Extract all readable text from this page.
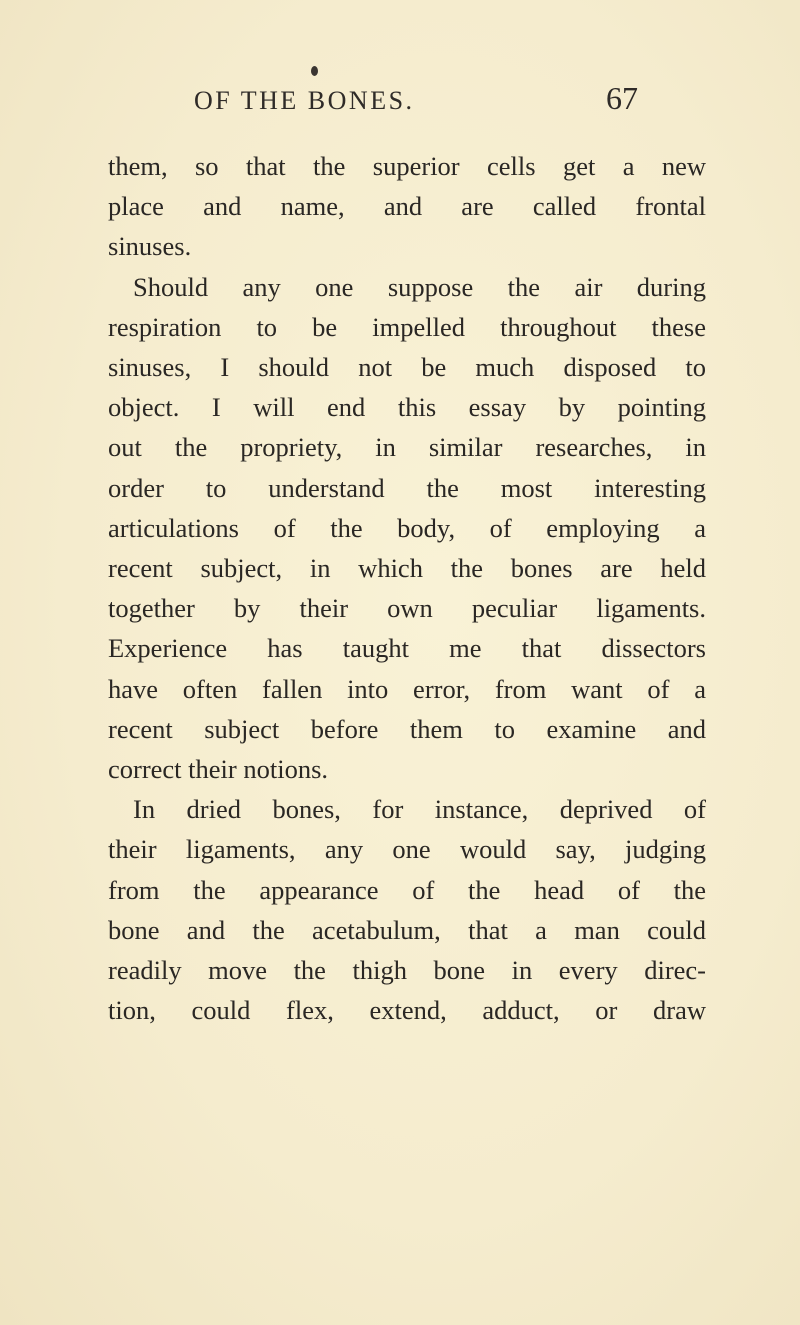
OF THE BONES.	67

them, so that the superior cells get a new
place and name, and are called frontal
sinuses.

Should any one suppose the air during
respiration to be impelled throughout these
sinuses, I should not be much disposed to
object. I will end this essay by pointing
out the propriety, in similar researches, in
order to understand the most interesting
articulations of the body, of employing a
recent subject, in which the bones are held
together by their own peculiar ligaments.
Experience has taught me that dissectors
have often fallen into error, from want of a
recent subject before them to examine and
correct their notions.

In dried bones, for instance, deprived of
their ligaments, any one would say, judging
from the appearance of the head of the
bone and the acetabulum, that a man could
readily move the thigh bone in every direc-
tion, could flex, extend, adduct, or draw
